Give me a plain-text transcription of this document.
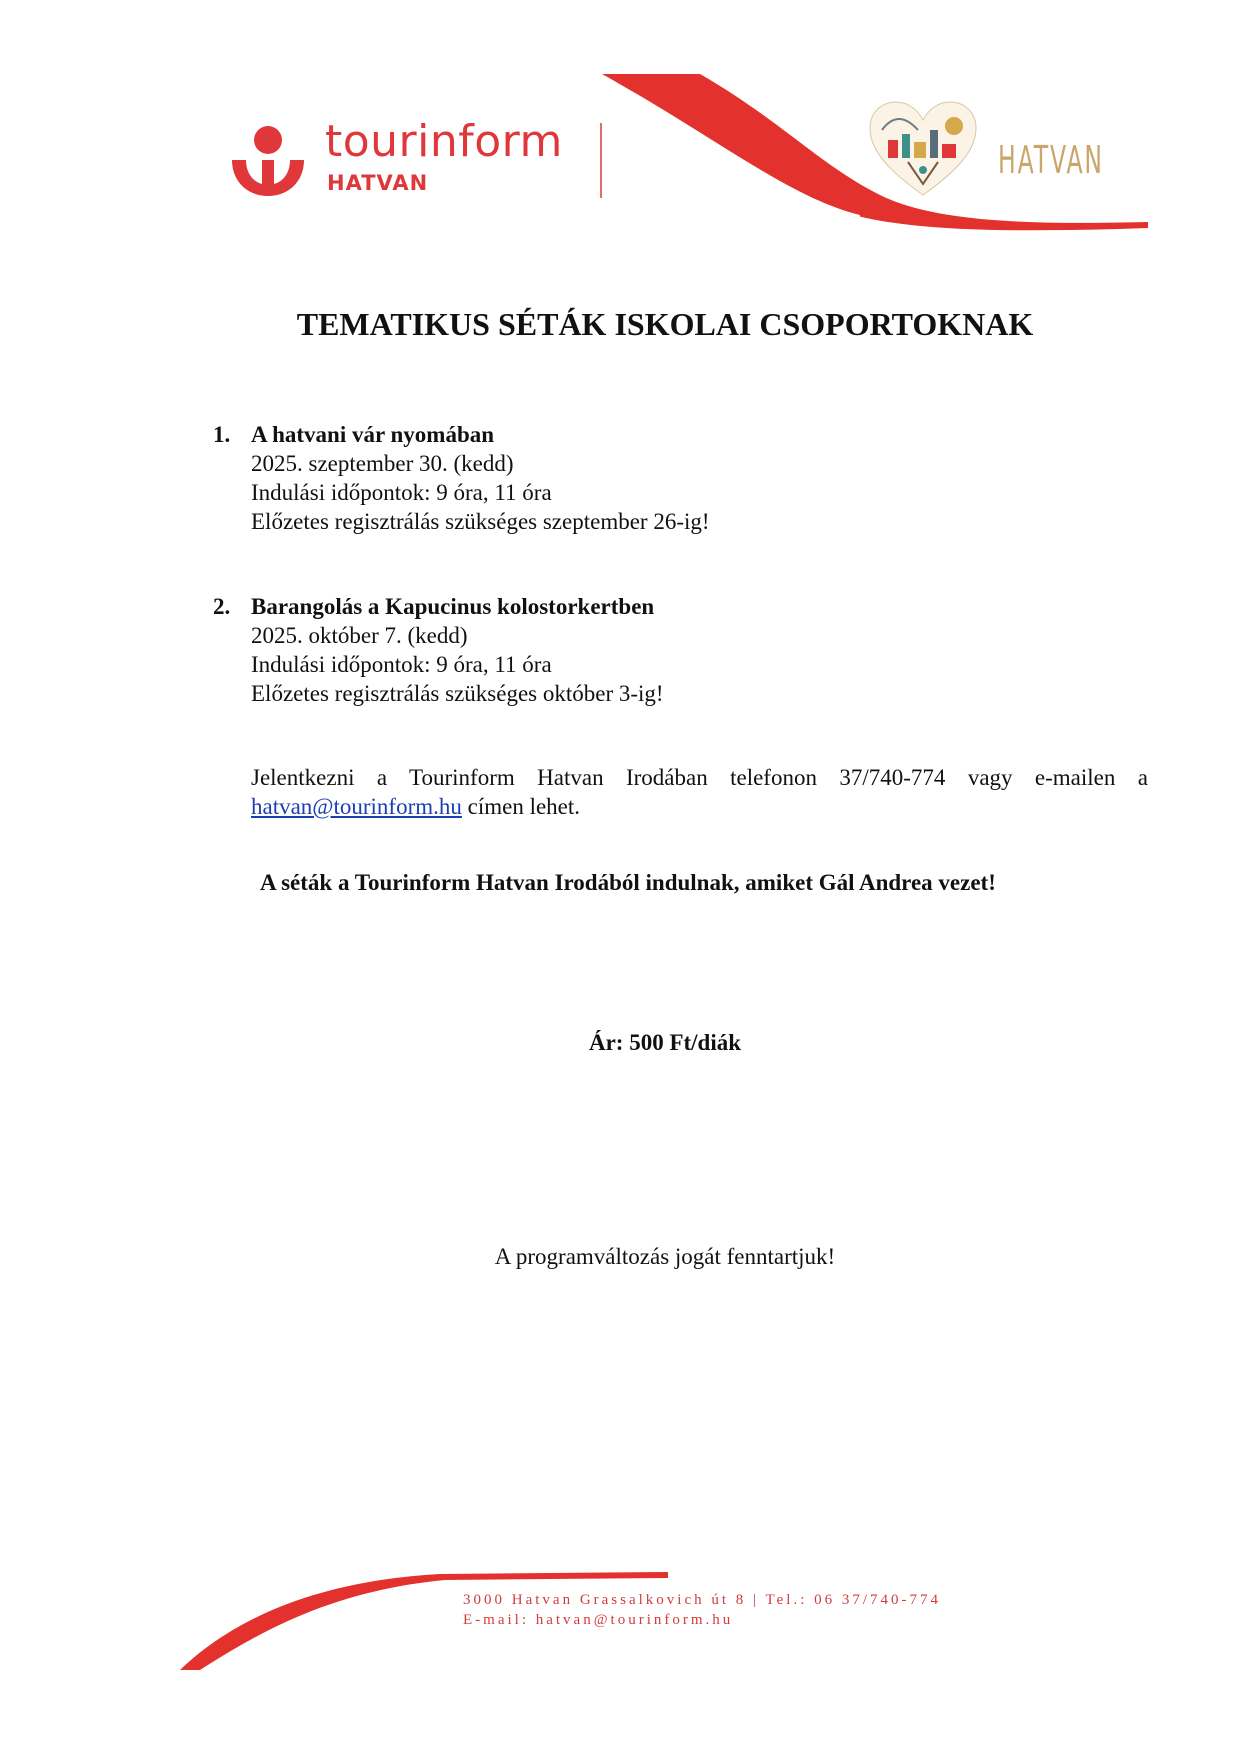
tourinform
HATVAN
HATVAN
TEMATIKUS SÉTÁK ISKOLAI CSOPORTOKNAK
1. A hatvani vár nyomában
2025. szeptember 30. (kedd)
Indulási időpontok: 9 óra, 11 óra
Előzetes regisztrálás szükséges szeptember 26-ig!
2. Barangolás a Kapucinus kolostorkertben
2025. október 7. (kedd)
Indulási időpontok: 9 óra, 11 óra
Előzetes regisztrálás szükséges október 3-ig!
Jelentkezni a Tourinform Hatvan Irodában telefonon 37/740-774 vagy e-mailen a hatvan@tourinform.hu címen lehet.
A séták a Tourinform Hatvan Irodából indulnak, amiket Gál Andrea vezet!
Ár: 500 Ft/diák
A programváltozás jogát fenntartjuk!
3000 Hatvan Grassalkovich út 8 | Tel.: 06 37/740-774
E-mail: hatvan@tourinform.hu
